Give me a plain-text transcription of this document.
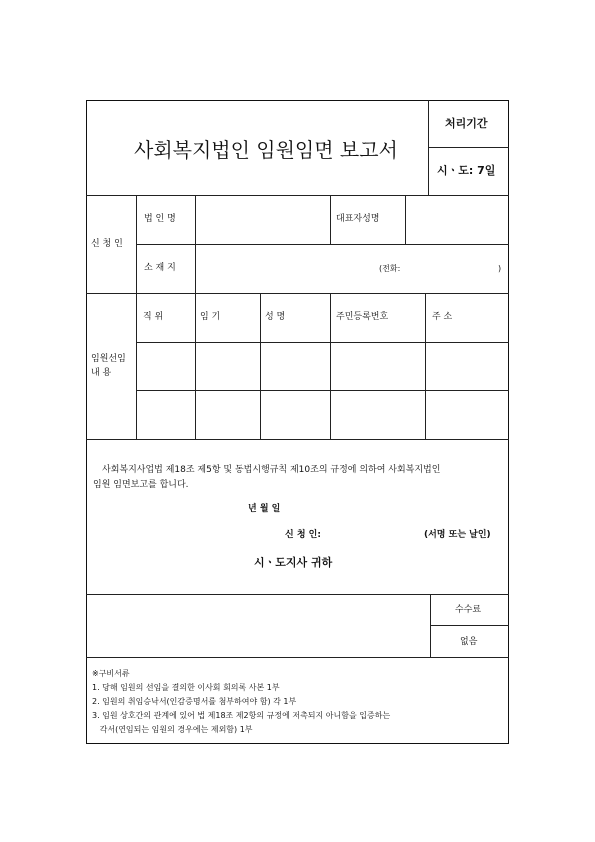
사회복지법인 임원임면 보고서
처리기간
시ㆍ도: 7일
신 청 인
법 인 명	대표자성명
소 재 지	(전화:	)
임원선임
내 용
직 위	임 기	성 명	주민등록번호	주 소
사회복지사업법 제18조 제5항 및 동법시행규칙 제10조의 규정에 의하여 사회복지법인
임원 임면보고를 합니다.
년 월 일
신 청 인:	(서명 또는 날인)
시ㆍ도지사 귀하
수수료
없음
※구비서류
1. 당해 임원의 선임을 결의한 이사회 회의록 사본 1부
2. 임원의 취임승낙서(인감증명서를 첨부하여야 함) 각 1부
3. 임원 상호간의 관계에 있어 법 제18조 제2항의 규정에 저촉되지 아니함을 입증하는
각서(연임되는 임원의 경우에는 제외함) 1부
